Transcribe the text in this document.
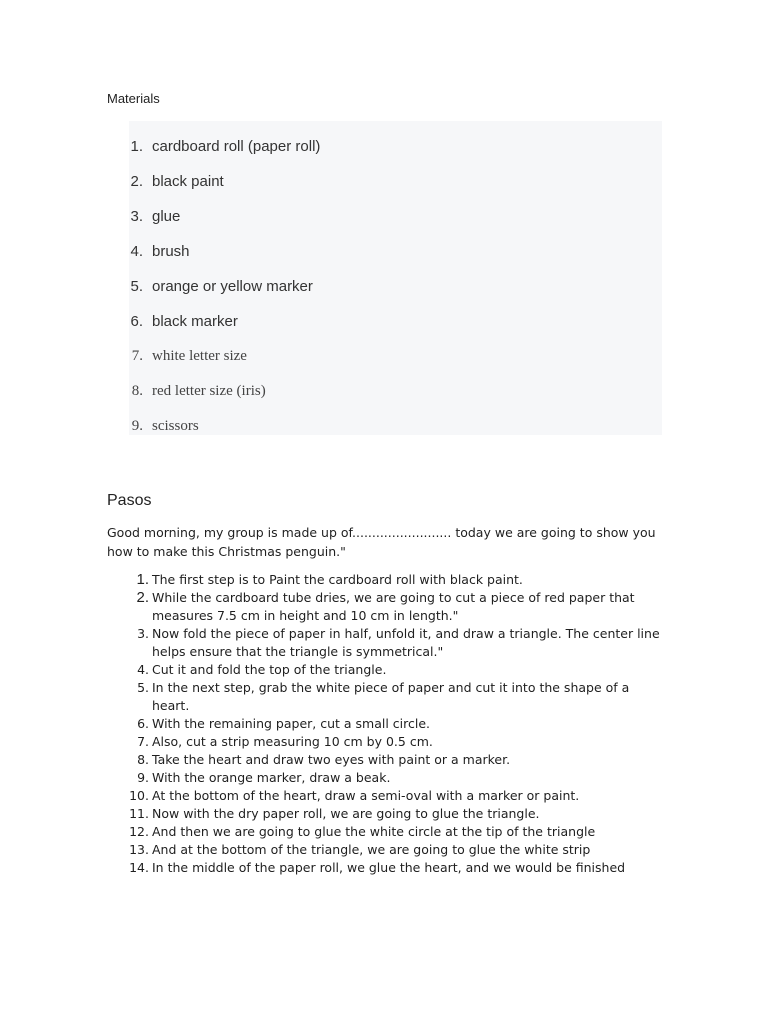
Materials
1. cardboard roll (paper roll)
2. black paint
3. glue
4. brush
5. orange or yellow marker
6. black marker
7. white letter size
8. red letter size (iris)
9. scissors
Pasos
Good morning, my group is made up of......................... today we are going to show you how to make this Christmas penguin."
1. The first step is to Paint the cardboard roll with black paint.
2. While the cardboard tube dries, we are going to cut a piece of red paper that measures 7.5 cm in height and 10 cm in length."
3. Now fold the piece of paper in half, unfold it, and draw a triangle. The center line helps ensure that the triangle is symmetrical."
4. Cut it and fold the top of the triangle.
5. In the next step, grab the white piece of paper and cut it into the shape of a heart.
6. With the remaining paper, cut a small circle.
7. Also, cut a strip measuring 10 cm by 0.5 cm.
8. Take the heart and draw two eyes with paint or a marker.
9. With the orange marker, draw a beak.
10. At the bottom of the heart, draw a semi-oval with a marker or paint.
11. Now with the dry paper roll, we are going to glue the triangle.
12. And then we are going to glue the white circle at the tip of the triangle
13. And at the bottom of the triangle, we are going to glue the white strip
14. In the middle of the paper roll, we glue the heart, and we would be finished
